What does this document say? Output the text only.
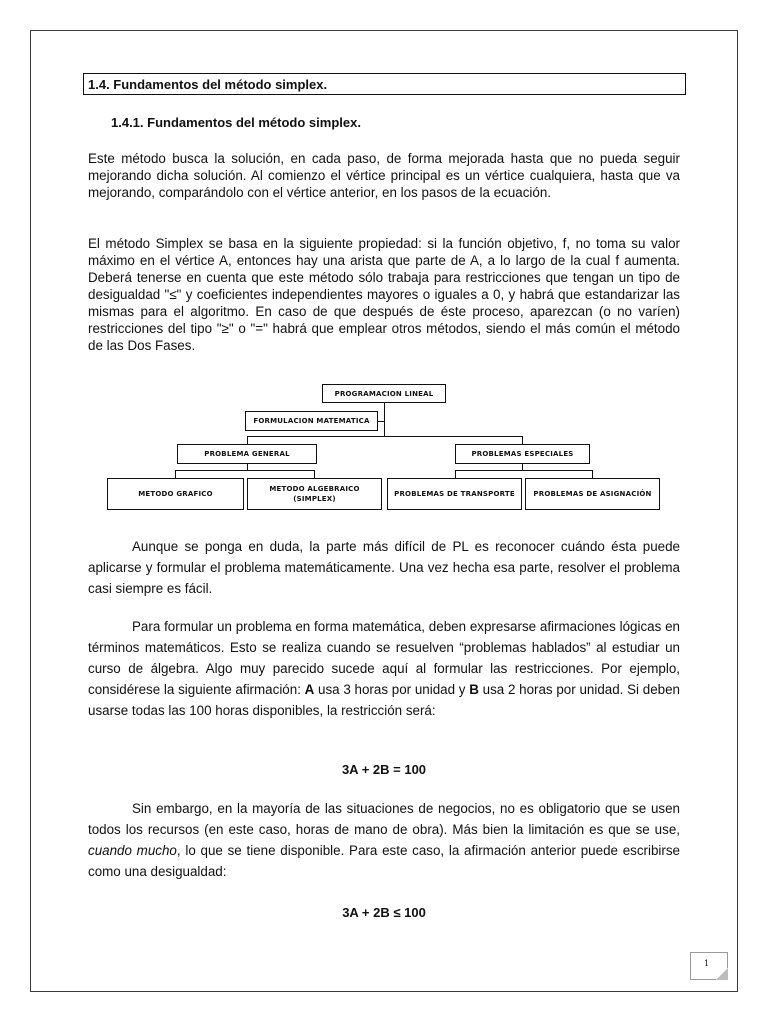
1.4. Fundamentos del método simplex.
1.4.1. Fundamentos del método simplex.

Este método busca la solución, en cada paso, de forma mejorada hasta que no pueda seguir mejorando dicha solución. Al comienzo el vértice principal es un vértice cualquiera, hasta que va mejorando, comparándolo con el vértice anterior, en los pasos de la ecuación.

El método Simplex se basa en la siguiente propiedad: si la función objetivo, f, no toma su valor máximo en el vértice A, entonces hay una arista que parte de A, a lo largo de la cual f aumenta. Deberá tenerse en cuenta que este método sólo trabaja para restricciones que tengan un tipo de desigualdad "≤" y coeficientes independientes mayores o iguales a 0, y habrá que estandarizar las mismas para el algoritmo. En caso de que después de éste proceso, aparezcan (o no varíen) restricciones del tipo "≥" o "=" habrá que emplear otros métodos, siendo el más común el método de las Dos Fases.

PROGRAMACION LINEAL
FORMULACION MATEMATICA
PROBLEMA GENERAL	PROBLEMAS ESPECIALES
METODO GRAFICO
METODO ALGEBRAICO
(SIMPLEX)
PROBLEMAS DE TRANSPORTE	PROBLEMAS DE ASIGNACIÓN

Aunque se ponga en duda, la parte más difícil de PL es reconocer cuándo ésta puede aplicarse y formular el problema matemáticamente. Una vez hecha esa parte, resolver el problema casi siempre es fácil.

Para formular un problema en forma matemática, deben expresarse afirmaciones lógicas en términos matemáticos. Esto se realiza cuando se resuelven “problemas hablados” al estudiar un curso de álgebra. Algo muy parecido sucede aquí al formular las restricciones. Por ejemplo, considérese la siguiente afirmación: A usa 3 horas por unidad y B usa 2 horas por unidad. Si deben usarse todas las 100 horas disponibles, la restricción será:

3A + 2B = 100

Sin embargo, en la mayoría de las situaciones de negocios, no es obligatorio que se usen todos los recursos (en este caso, horas de mano de obra). Más bien la limitación es que se use, cuando mucho, lo que se tiene disponible. Para este caso, la afirmación anterior puede escribirse como una desigualdad:

3A + 2B ≤ 100
1
